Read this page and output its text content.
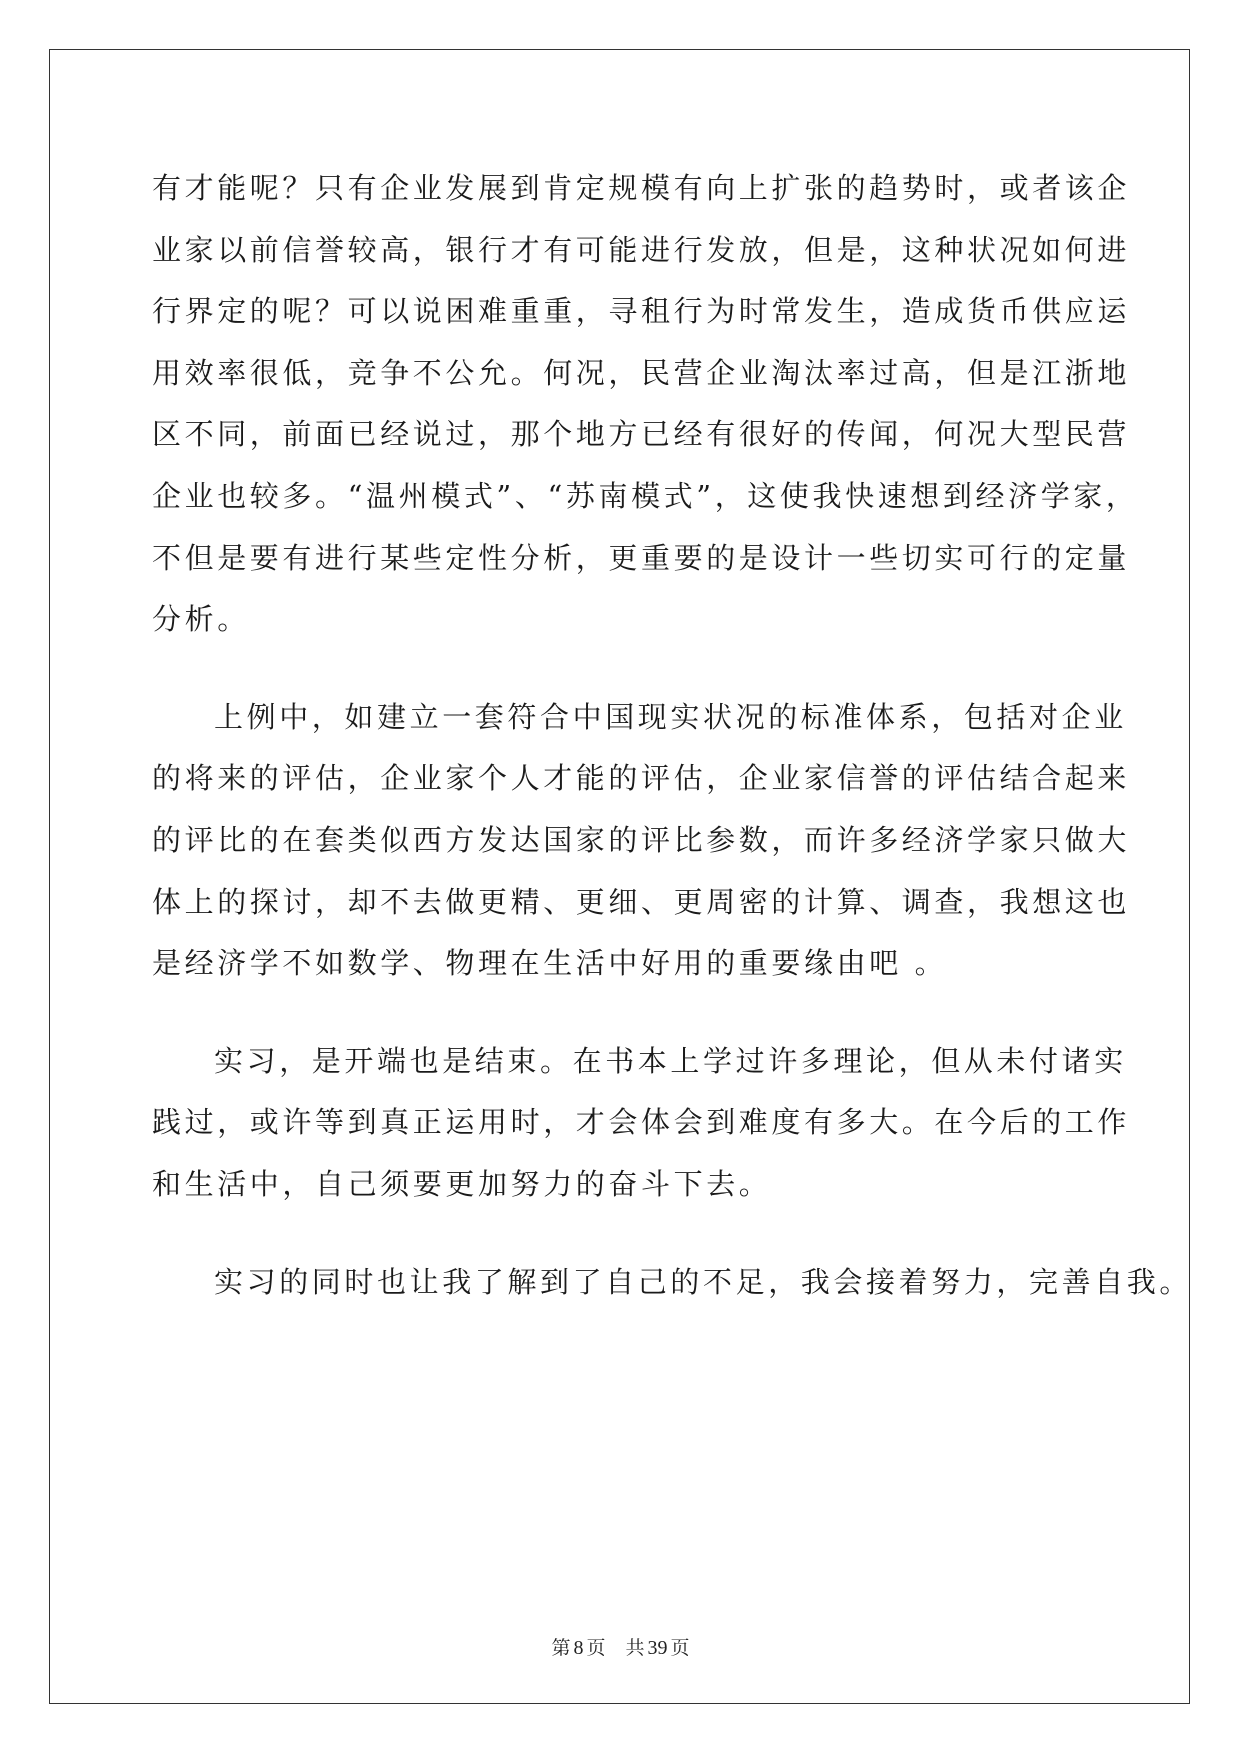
有才能呢？只有企业发展到肯定规模有向上扩张的趋势时，或者该企
业家以前信誉较高，银行才有可能进行发放，但是，这种状况如何进
行界定的呢？可以说困难重重，寻租行为时常发生，造成货币供应运
用效率很低，竞争不公允。何况，民营企业淘汰率过高，但是江浙地
区不同，前面已经说过，那个地方已经有很好的传闻，何况大型民营
企业也较多。“温州模式”、“苏南模式”，这使我快速想到经济学家，
不但是要有进行某些定性分析，更重要的是设计一些切实可行的定量
分析。
上例中，如建立一套符合中国现实状况的标准体系，包括对企业
的将来的评估，企业家个人才能的评估，企业家信誉的评估结合起来
的评比的在套类似西方发达国家的评比参数，而许多经济学家只做大
体上的探讨，却不去做更精、更细、更周密的计算、调查，我想这也
是经济学不如数学、物理在生活中好用的重要缘由吧 。
实习，是开端也是结束。在书本上学过许多理论，但从未付诸实
践过，或许等到真正运用时，才会体会到难度有多大。在今后的工作
和生活中，自己须要更加努力的奋斗下去。
实习的同时也让我了解到了自己的不足，我会接着努力，完善自我。
第 8 页 共 39 页
